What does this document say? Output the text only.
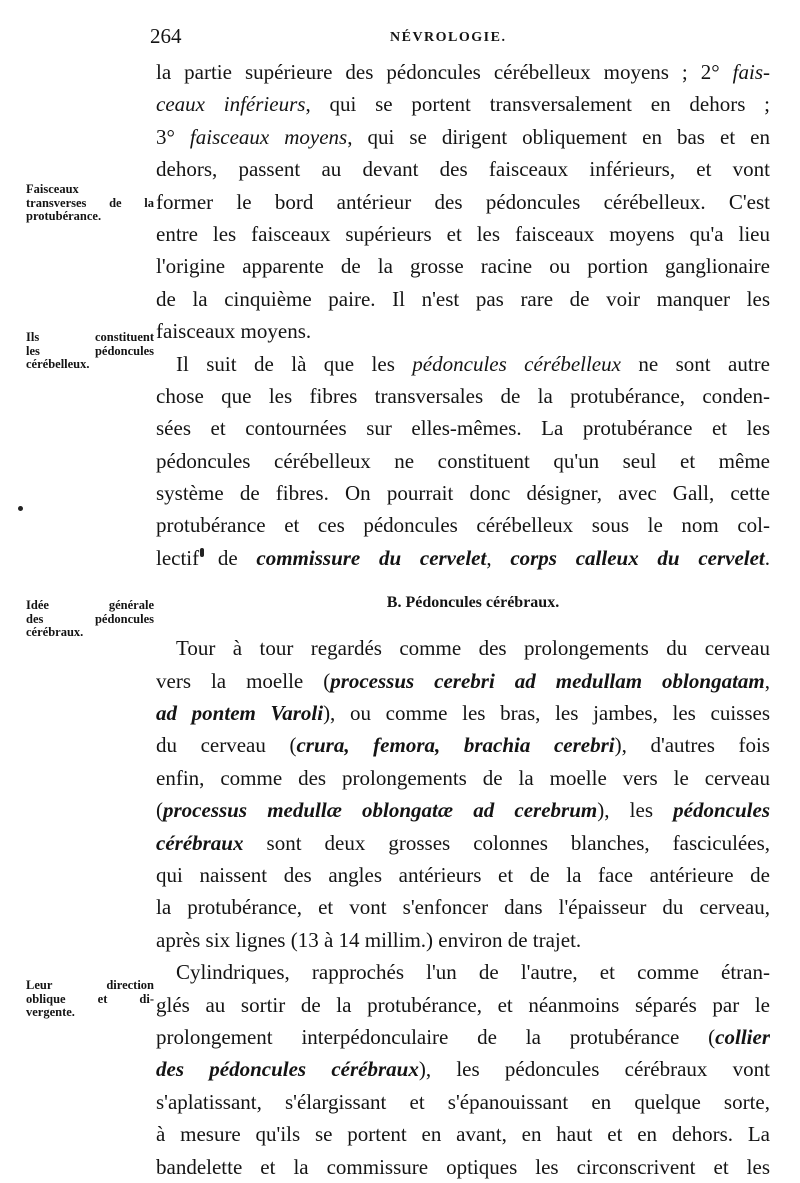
264	NÉVROLOGIE.

Faisceaux
transverses de la
protubérance.
Ils constituent
les pédoncules
cérébelleux.
Idée générale
des pédoncules
cérébraux.
Leur direction
oblique et di-
vergente.
la partie supérieure des pédoncules cérébelleux moyens ; 2° fais-
ceaux inférieurs, qui se portent transversalement en dehors ;
3° faisceaux moyens, qui se dirigent obliquement en bas et en
dehors, passent au devant des faisceaux inférieurs, et vont
former le bord antérieur des pédoncules cérébelleux. C'est
entre les faisceaux supérieurs et les faisceaux moyens qu'a lieu
l'origine apparente de la grosse racine ou portion ganglionaire
de la cinquième paire. Il n'est pas rare de voir manquer les
faisceaux moyens.
Il suit de là que les pédoncules cérébelleux ne sont autre
chose que les fibres transversales de la protubérance, conden-
sées et contournées sur elles-mêmes. La protubérance et les
pédoncules cérébelleux ne constituent qu'un seul et même
système de fibres. On pourrait donc désigner, avec Gall, cette
protubérance et ces pédoncules cérébelleux sous le nom col-
lectif de commissure du cervelet, corps calleux du cervelet.
B. Pédoncules cérébraux.
Tour à tour regardés comme des prolongements du cerveau
vers la moelle (processus cerebri ad medullam oblongatam,
ad pontem Varoli), ou comme les bras, les jambes, les cuisses
du cerveau (crura, femora, brachia cerebri), d'autres fois
enfin, comme des prolongements de la moelle vers le cerveau
(processus medullæ oblongatæ ad cerebrum), les pédoncules
cérébraux sont deux grosses colonnes blanches, fasciculées,
qui naissent des angles antérieurs et de la face antérieure de
la protubérance, et vont s'enfoncer dans l'épaisseur du cerveau,
après six lignes (13 à 14 millim.) environ de trajet.
Cylindriques, rapprochés l'un de l'autre, et comme étran-
glés au sortir de la protubérance, et néanmoins séparés par le
prolongement interpédonculaire de la protubérance (collier
des pédoncules cérébraux), les pédoncules cérébraux vont
s'aplatissant, s'élargissant et s'épanouissant en quelque sorte,
à mesure qu'ils se portent en avant, en haut et en dehors. La
bandelette et la commissure optiques les circonscrivent et les
